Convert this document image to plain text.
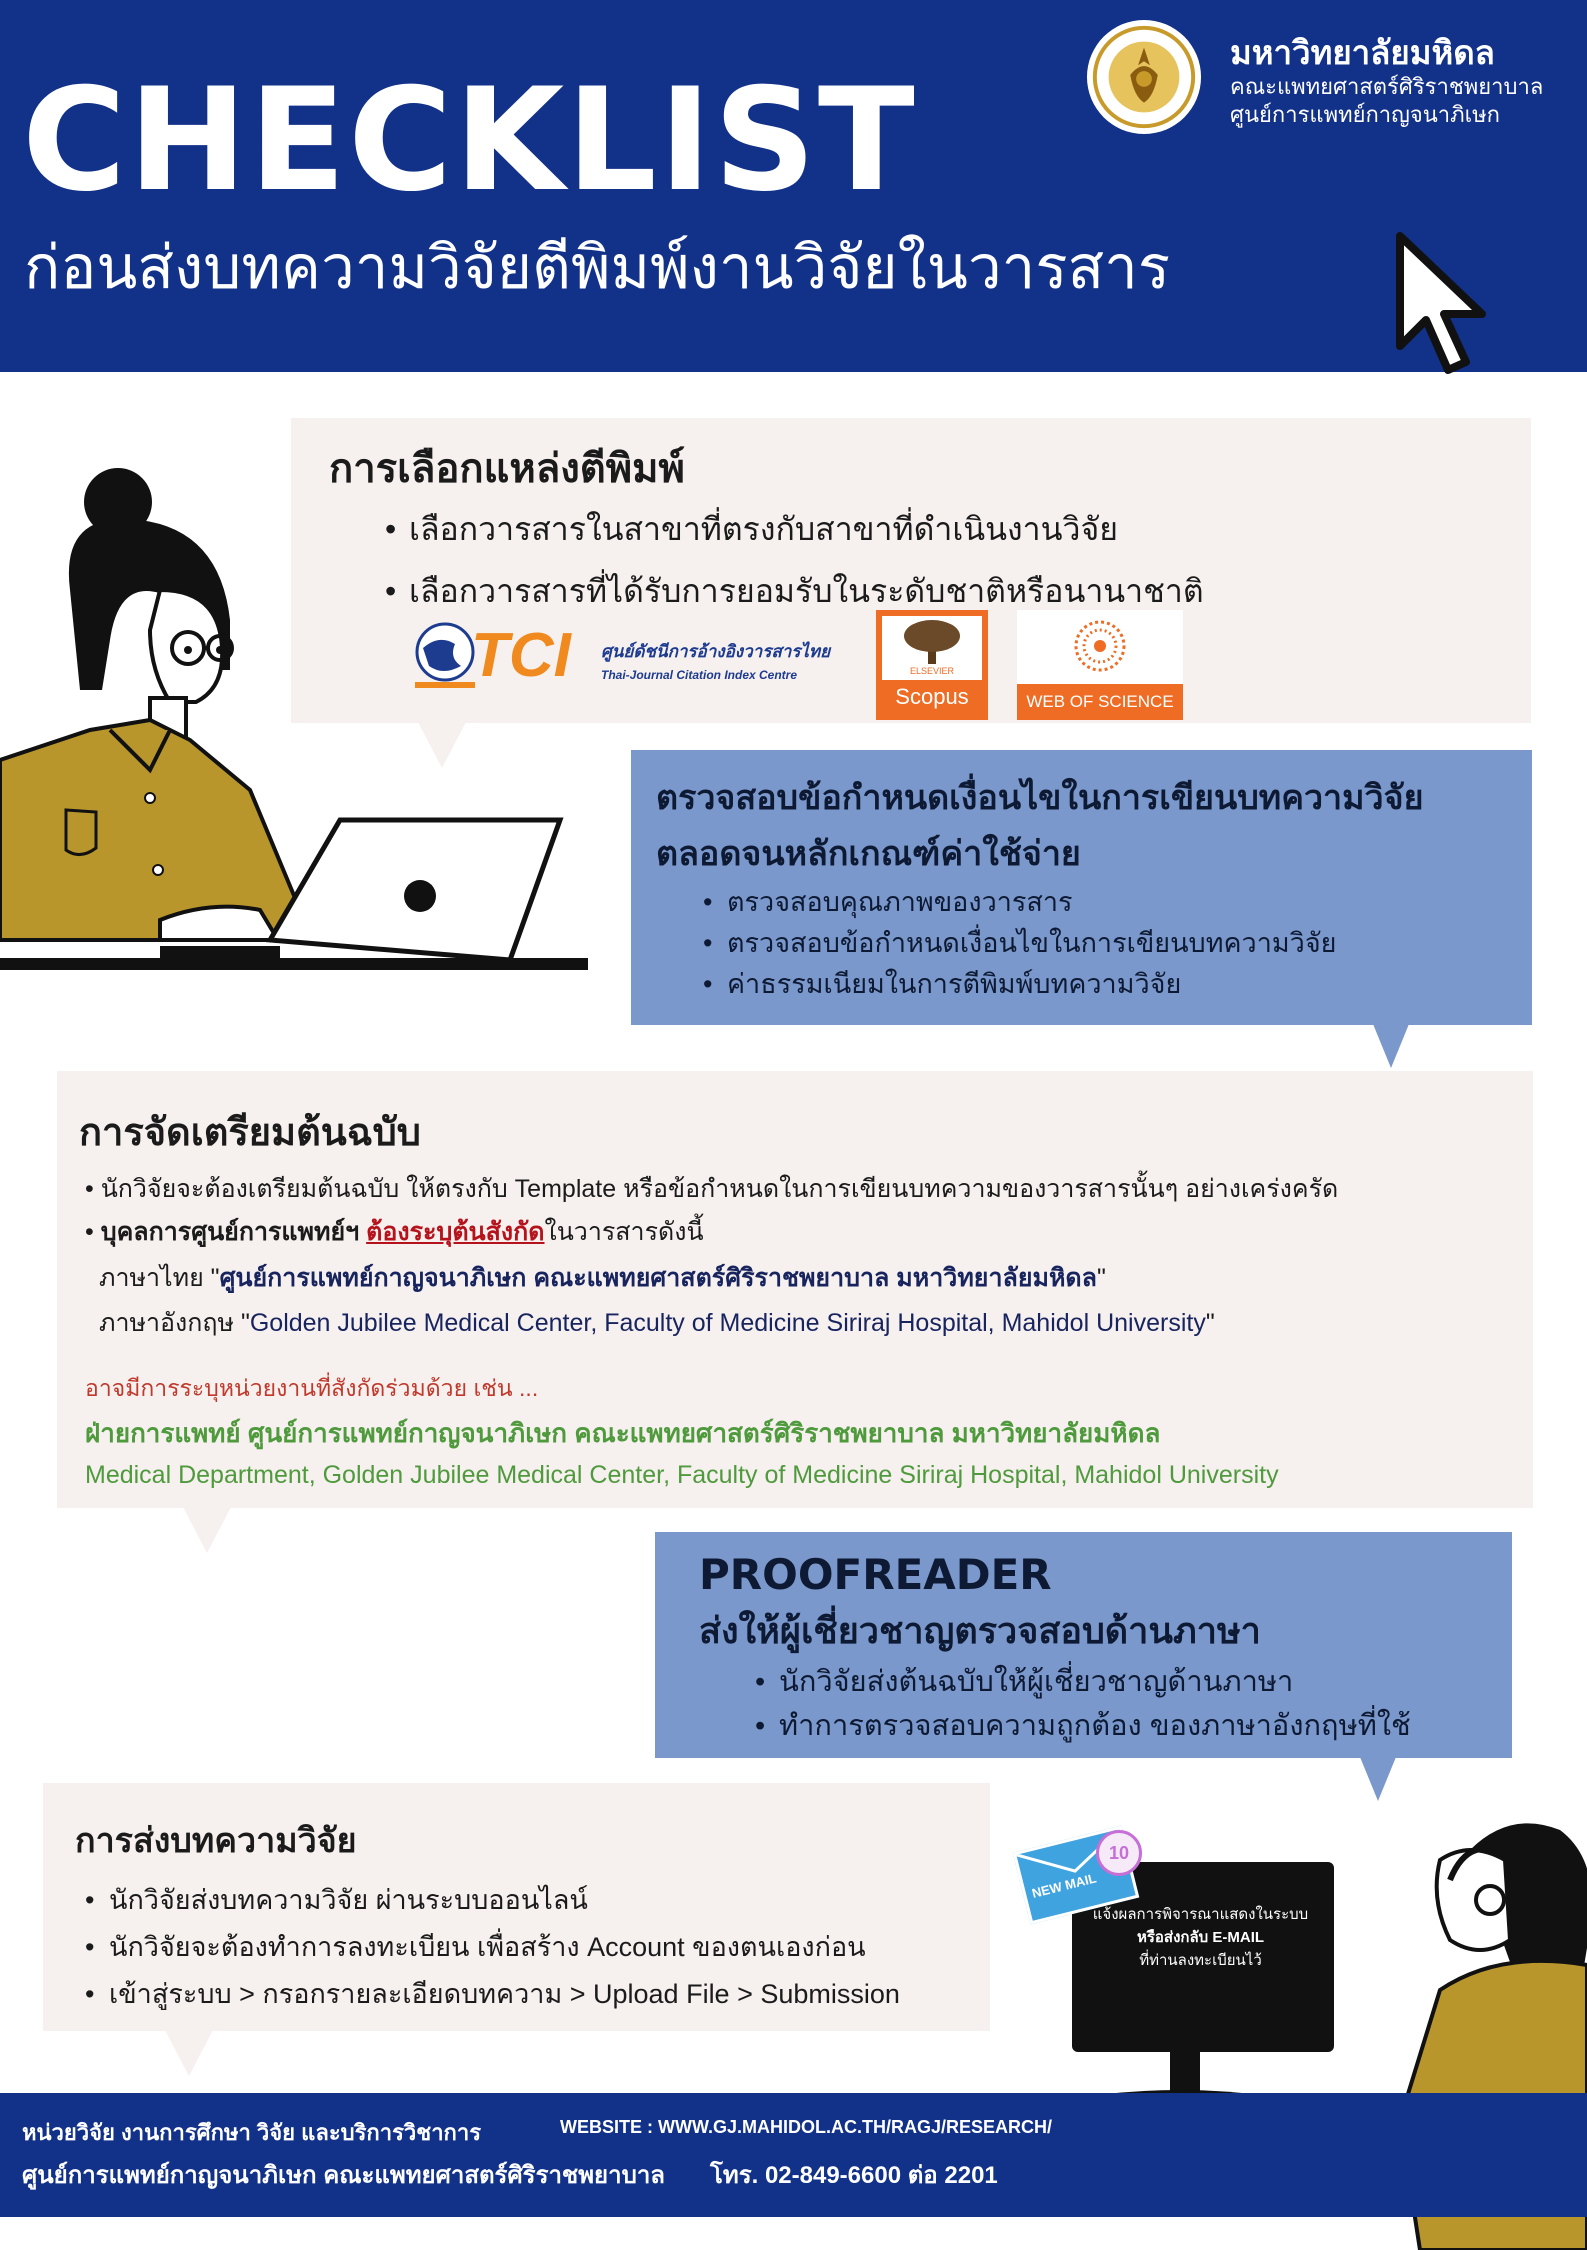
CHECKLIST
ก่อนส่งบทความวิจัยตีพิมพ์งานวิจัยในวารสาร
มหาวิทยาลัยมหิดล
คณะแพทยศาสตร์ศิริราชพยาบาล
ศูนย์การแพทย์กาญจนาภิเษก
การเลือกแหล่งตีพิมพ์
• เลือกวารสารในสาขาที่ตรงกับสาขาที่ดำเนินงานวิจัย
• เลือกวารสารที่ได้รับการยอมรับในระดับชาติหรือนานาชาติ
TCI ศูนย์ดัชนีการอ้างอิงวารสารไทย
Thai-Journal Citation Index Centre	ELSEVIER
Scopus	WEB OF SCIENCE
ตรวจสอบข้อกำหนดเงื่อนไขในการเขียนบทความวิจัย
ตลอดจนหลักเกณฑ์ค่าใช้จ่าย
• ตรวจสอบคุณภาพของวารสาร
• ตรวจสอบข้อกำหนดเงื่อนไขในการเขียนบทความวิจัย
• ค่าธรรมเนียมในการตีพิมพ์บทความวิจัย
การจัดเตรียมต้นฉบับ
• นักวิจัยจะต้องเตรียมต้นฉบับ ให้ตรงกับ Template หรือข้อกำหนดในการเขียนบทความของวารสารนั้นๆ อย่างเคร่งครัด
• บุคลการศูนย์การแพทย์ฯ ต้องระบุต้นสังกัดในวารสารดังนี้
ภาษาไทย "ศูนย์การแพทย์กาญจนาภิเษก คณะแพทยศาสตร์ศิริราชพยาบาล มหาวิทยาลัยมหิดล"
ภาษาอังกฤษ "Golden Jubilee Medical Center, Faculty of Medicine Siriraj Hospital, Mahidol University"
อาจมีการระบุหน่วยงานที่สังกัดร่วมด้วย เช่น ...
ฝ่ายการแพทย์ ศูนย์การแพทย์กาญจนาภิเษก คณะแพทยศาสตร์ศิริราชพยาบาล มหาวิทยาลัยมหิดล
Medical Department, Golden Jubilee Medical Center, Faculty of Medicine Siriraj Hospital, Mahidol University
PROOFREADER
ส่งให้ผู้เชี่ยวชาญตรวจสอบด้านภาษา
• นักวิจัยส่งต้นฉบับให้ผู้เชี่ยวชาญด้านภาษา
• ทำการตรวจสอบความถูกต้อง ของภาษาอังกฤษที่ใช้
การส่งบทความวิจัย
• นักวิจัยส่งบทความวิจัย ผ่านระบบออนไลน์
• นักวิจัยจะต้องทำการลงทะเบียน เพื่อสร้าง Account ของตนเองก่อน
• เข้าสู่ระบบ > กรอกรายละเอียดบทความ > Upload File > Submission
แจ้งผลการพิจารณาแสดงในระบบ
หรือส่งกลับ E-MAIL
ที่ท่านลงทะเบียนไว้
NEW MAIL
10
หน่วยวิจัย งานการศึกษา วิจัย และบริการวิชาการ	WEBSITE : WWW.GJ.MAHIDOL.AC.TH/RAGJ/RESEARCH/
ศูนย์การแพทย์กาญจนาภิเษก คณะแพทยศาสตร์ศิริราชพยาบาล โทร. 02-849-6600 ต่อ 2201
